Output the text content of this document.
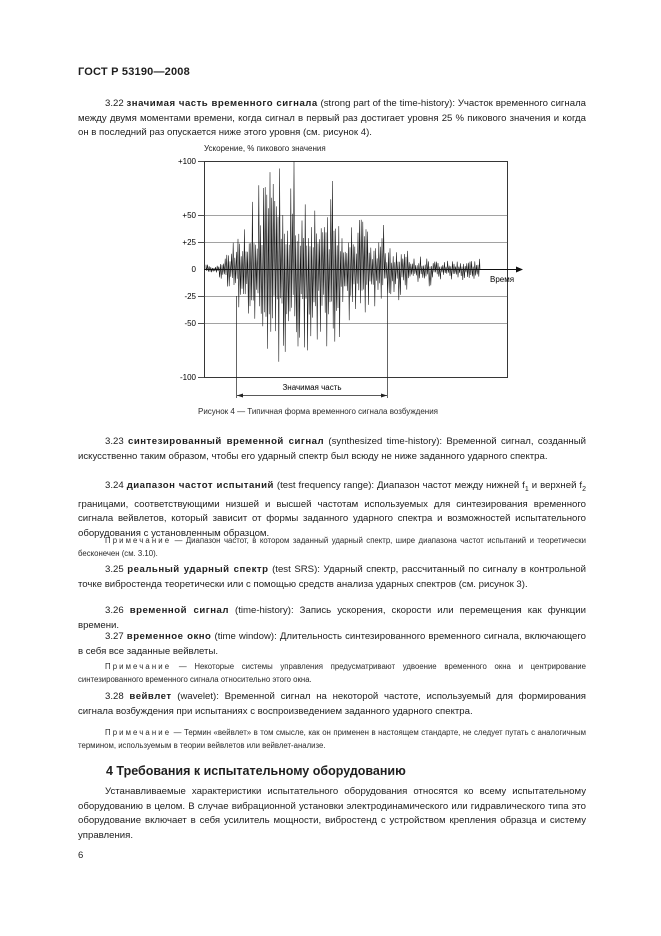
ГОСТ Р 53190—2008
3.22 значимая часть временного сигнала (strong part of the time-history): Участок временного сигнала между двумя моментами времени, когда сигнал в первый раз достигает уровня 25 % пикового значения и когда он в последний раз опускается ниже этого уровня (см. рисунок 4).
Ускорение, % пикового значения
+100
+50
+25
0
-25
-50
-100
Время
Значимая часть
Рисунок 4 — Типичная форма временного сигнала возбуждения
3.23 синтезированный временной сигнал (synthesized time-history): Временной сигнал, созданный искусственно таким образом, чтобы его ударный спектр был всюду не ниже заданного ударного спектра.
3.24 диапазон частот испытаний (test frequency range): Диапазон частот между нижней $f_1$ и верхней $f_2$ границами, соответствующими низшей и высшей частотам используемых для синтезирования временного сигнала вейвлетов, который зависит от формы заданного ударного спектра и возможностей испытательного оборудования с установленным образцом.
Примечание — Диапазон частот, в котором заданный ударный спектр, шире диапазона частот испытаний и теоретически бесконечен (см. 3.10).
3.25 реальный ударный спектр (test SRS): Ударный спектр, рассчитанный по сигналу в контрольной точке вибростенда теоретически или с помощью средств анализа ударных спектров (см. рисунок 3).
3.26 временной сигнал (time-history): Запись ускорения, скорости или перемещения как функции времени.
3.27 временное окно (time window): Длительность синтезированного временного сигнала, включающего в себя все заданные вейвлеты.
Примечание — Некоторые системы управления предусматривают удвоение временного окна и центрирование синтезированного временного сигнала относительно этого окна.
3.28 вейвлет (wavelet): Временной сигнал на некоторой частоте, используемый для формирования сигнала возбуждения при испытаниях с воспроизведением заданного ударного спектра.
Примечание — Термин «вейвлет» в том смысле, как он применен в настоящем стандарте, не следует путать с аналогичным термином, используемым в теории вейвлетов или вейвлет-анализе.
4 Требования к испытательному оборудованию
Устанавливаемые характеристики испытательного оборудования относятся ко всему испытательному оборудованию в целом. В случае вибрационной установки электродинамического или гидравлического типа это оборудование включает в себя усилитель мощности, вибростенд с устройством крепления образца и систему управления.
6
